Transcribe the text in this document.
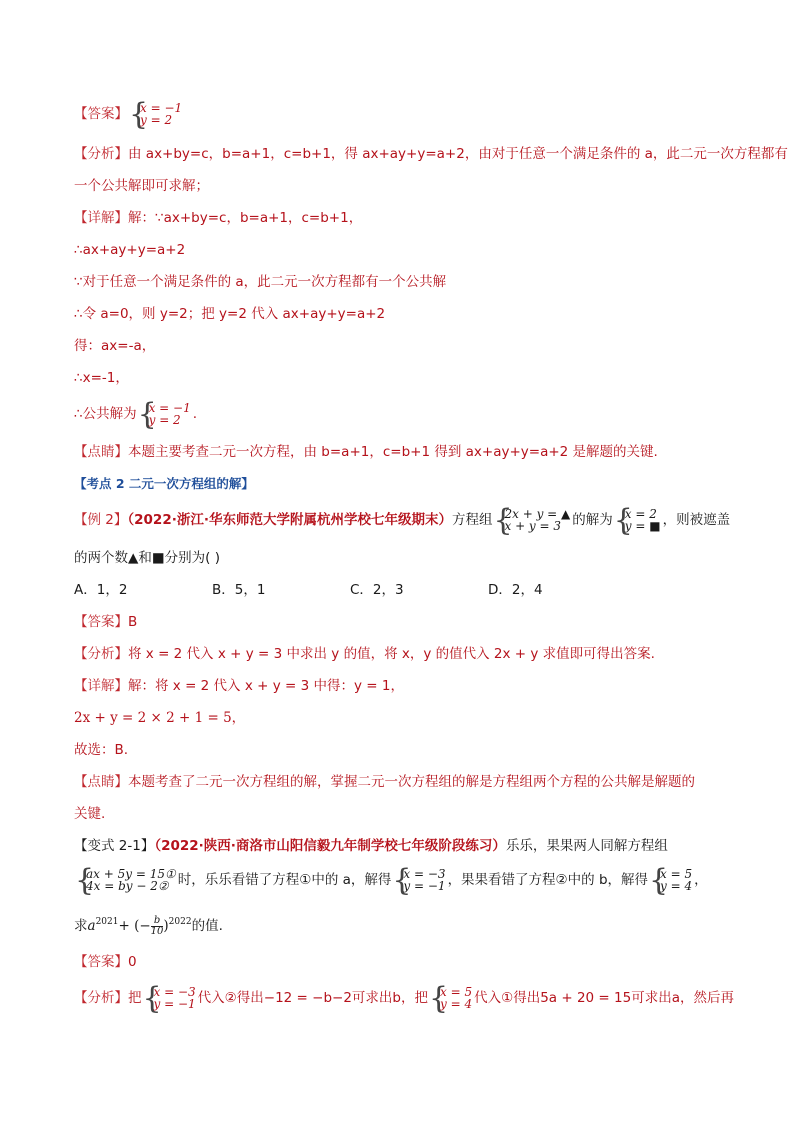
【答案】 { x = −1
y = 2
【分析】由 ax+by=c，b=a+1，c=b+1，得 ax+ay+y=a+2，由对于任意一个满足条件的 a，此二元一次方程都有
一个公共解即可求解；
【详解】解：∵ax+by=c，b=a+1，c=b+1，
∴ax+ay+y=a+2
∵对于任意一个满足条件的 a，此二元一次方程都有一个公共解
∴令 a=0，则 y=2；把 y=2 代入 ax+ay+y=a+2
得：ax=-a，
∴x=-1，
∴公共解为 { x = −1
y = 2 .
【点睛】本题主要考查二元一次方程，由 b=a+1，c=b+1 得到 ax+ay+y=a+2 是解题的关键.
【考点 2 二元一次方程组的解】
【例 2】（2022·浙江·华东师范大学附属杭州学校七年级期末）方程组 { 2x + y = ▲
x + y = 3 的解为 { x = 2
y = ■ ，则被遮盖
的两个数▲和■分别为( )
A．1，2	B．5，1	C．2，3	D．2，4
【答案】B
【分析】将 x = 2 代入 x + y = 3 中求出 y 的值，将 x，y 的值代入 2x + y 求值即可得出答案.
【详解】解：将 x = 2 代入 x + y = 3 中得：y = 1，
2x + y = 2 × 2 + 1 = 5，
故选：B.
【点睛】本题考查了二元一次方程组的解，掌握二元一次方程组的解是方程组两个方程的公共解是解题的
关键.
【变式 2-1】（2022·陕西·商洛市山阳信毅九年制学校七年级阶段练习）乐乐，果果两人同解方程组
{ ax + 5y = 15①
4x = by − 2② 时，乐乐看错了方程①中的 a，解得 { x = −3
y = −1 ，果果看错了方程②中的 b，解得 { x = 5
y = 4 ，
求$a^{2021}+$ (− $\frac{b}{10} )^{2022}$的值.
【答案】0
【分析】把 { x = −3
y = −1 代入②得出−12 = −b−2可求出b，把 { x = 5
y = 4 代入①得出5a + 20 = 15可求出a，然后再
